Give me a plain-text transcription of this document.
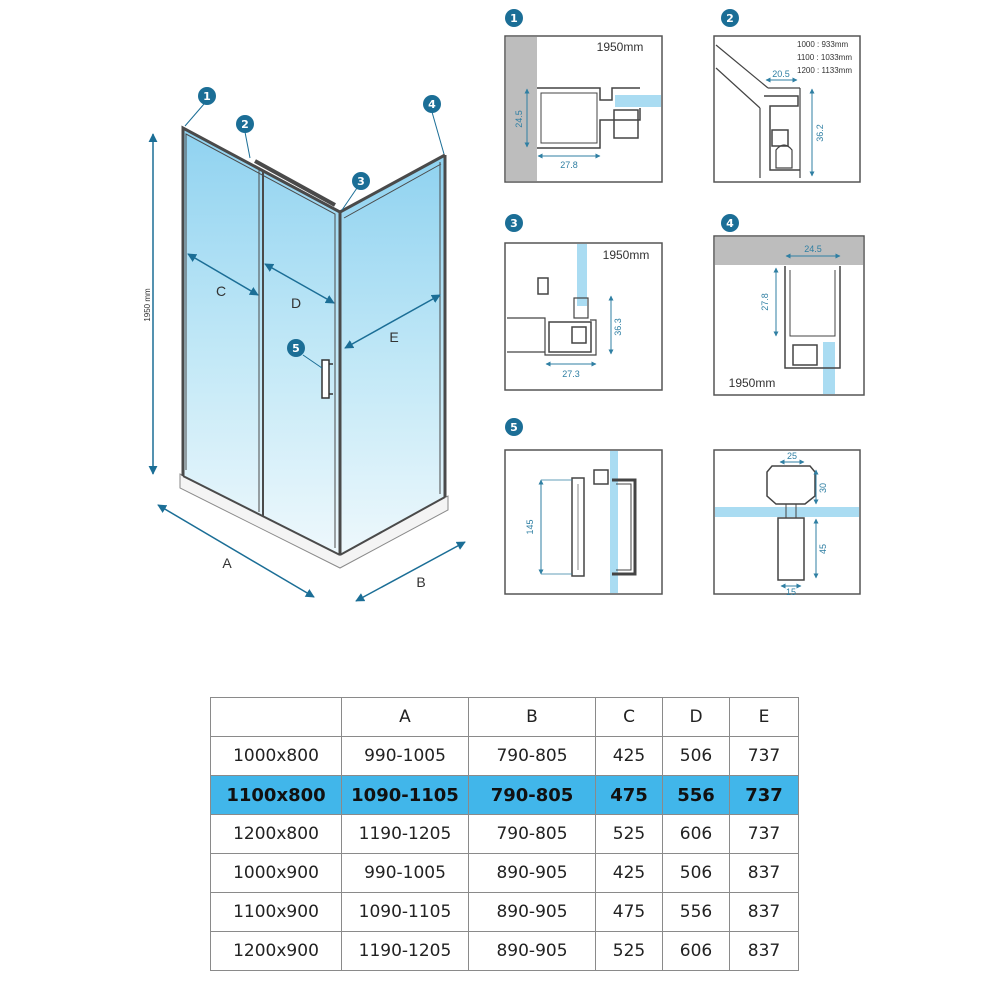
1950 mm	C
D
E
A
B
1
2
3
4
5
1
1950mm
24.5
27.8
2
1000 : 933mm
1100 : 1033mm
1200 : 1133mm
20.5
36.2
3
1950mm
36.3
27.3
4
1950mm
24.5
27.8
5
145
25
30
45
15
	A	B	C	D	E
1000x800	990-1005	790-805	425	506	737
1100x800	1090-1105	790-805	475	556	737
1200x800	1190-1205	790-805	525	606	737
1000x900	990-1005	890-905	425	506	837
1100x900	1090-1105	890-905	475	556	837
1200x900	1190-1205	890-905	525	606	837
